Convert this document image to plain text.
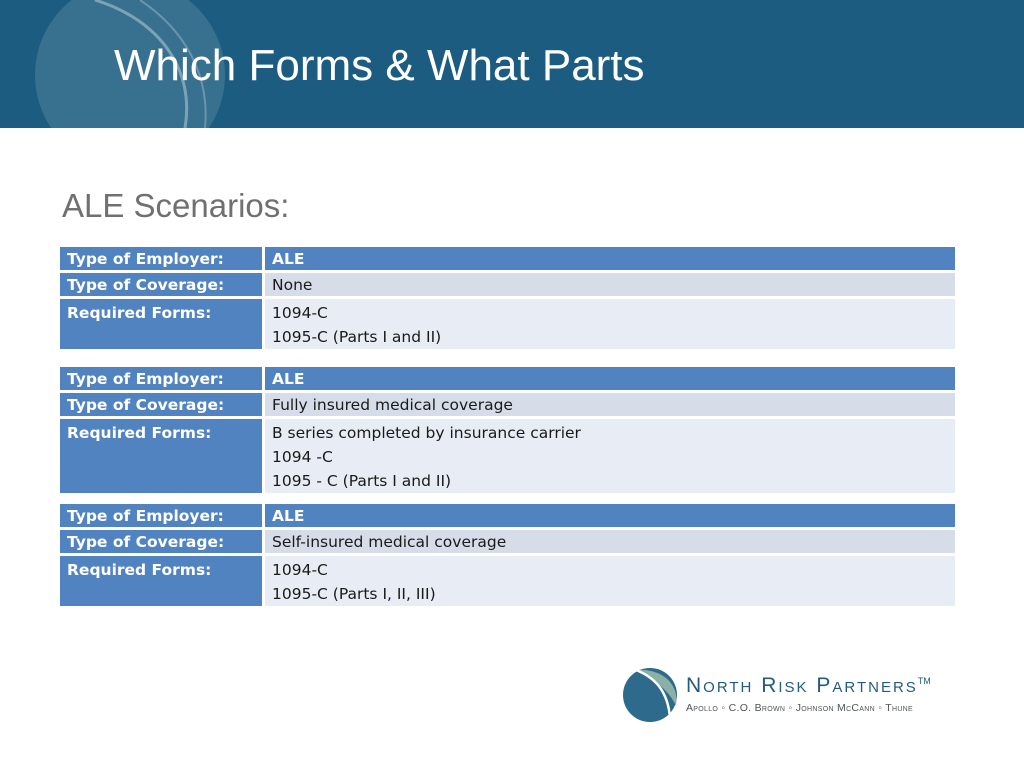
Which Forms & What Parts
ALE Scenarios:
Type of Employer:	ALE
Type of Coverage:	None
Required Forms:	1094-C
1095-C (Parts I and II)
Type of Employer:	ALE
Type of Coverage:	Fully insured medical coverage
Required Forms:	B series completed by insurance carrier
1094 -C
1095 - C (Parts I and II)
Type of Employer:	ALE
Type of Coverage:	Self-insured medical coverage
Required Forms:	1094-C
1095-C (Parts I, II, III)
North Risk Partners™
Apollo ◦ C.O. Brown ◦ Johnson McCann ◦ Thune
